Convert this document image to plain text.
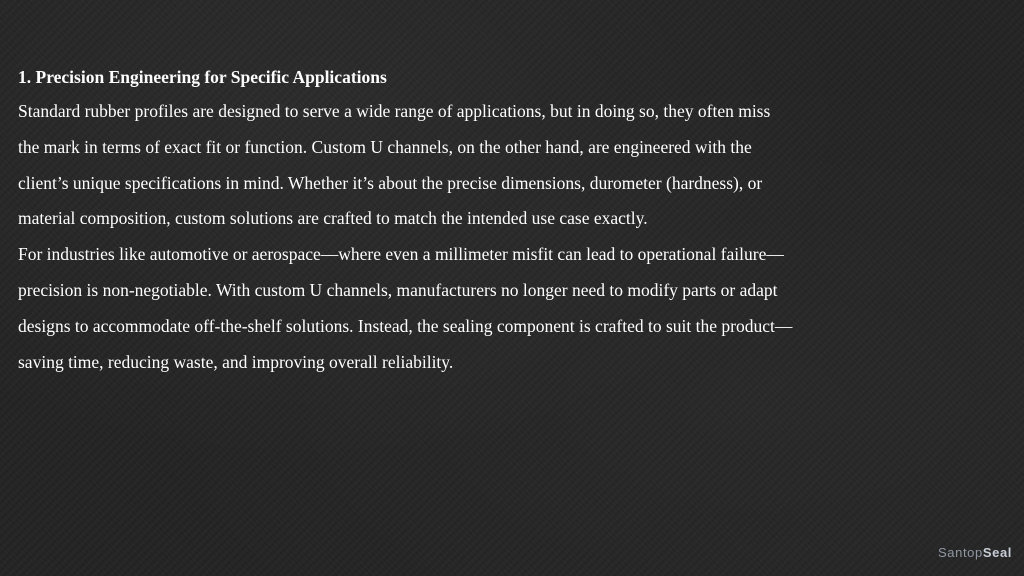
1. Precision Engineering for Specific Applications

Standard rubber profiles are designed to serve a wide range of applications, but in doing so, they often miss
the mark in terms of exact fit or function. Custom U channels, on the other hand, are engineered with the
client’s unique specifications in mind. Whether it’s about the precise dimensions, durometer (hardness), or
material composition, custom solutions are crafted to match the intended use case exactly.

For industries like automotive or aerospace—where even a millimeter misfit can lead to operational failure—
precision is non-negotiable. With custom U channels, manufacturers no longer need to modify parts or adapt
designs to accommodate off-the-shelf solutions. Instead, the sealing component is crafted to suit the product—
saving time, reducing waste, and improving overall reliability.

SantopSeal
